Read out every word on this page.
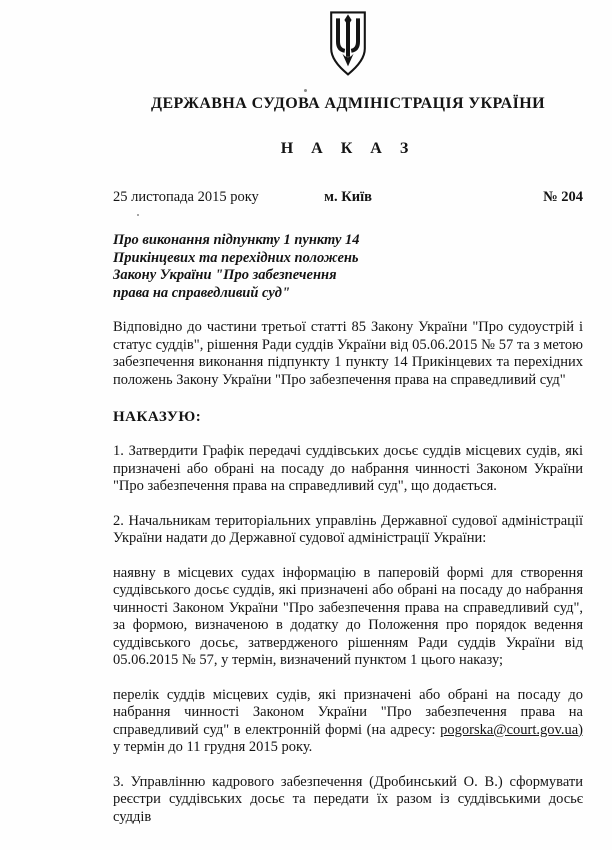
ДЕРЖАВНА СУДОВА АДМІНІСТРАЦІЯ УКРАЇНИ
Н А К А З
25 листопада 2015 року	м. Київ	№ 204
Про виконання підпункту 1 пункту 14
Прикінцевих та перехідних положень
Закону України "Про забезпечення
права на справедливий суд"
Відповідно до частини третьої статті 85 Закону України "Про судоустрій і статус суддів", рішення Ради суддів України від 05.06.2015 № 57 та з метою забезпечення виконання підпункту 1 пункту 14 Прикінцевих та перехідних положень Закону України "Про забезпечення права на справедливий суд"
НАКАЗУЮ:
1. Затвердити Графік передачі суддівських досьє суддів місцевих судів, які призначені або обрані на посаду до набрання чинності Законом України "Про забезпечення права на справедливий суд", що додається.
2. Начальникам територіальних управлінь Державної судової адміністрації України надати до Державної судової адміністрації України:
наявну в місцевих судах інформацію в паперовій формі для створення суддівського досьє суддів, які призначені або обрані на посаду до набрання чинності Законом України "Про забезпечення права на справедливий суд", за формою, визначеною в додатку до Положення про порядок ведення суддівського досьє, затвердженого рішенням Ради суддів України від 05.06.2015 № 57, у термін, визначений пунктом 1 цього наказу;
перелік суддів місцевих судів, які призначені або обрані на посаду до набрання чинності Законом України "Про забезпечення права на справедливий суд" в електронній формі (на адресу: pogorska@court.gov.ua) у термін до 11 грудня 2015 року.
3. Управлінню кадрового забезпечення (Дробинський О. В.) сформувати реєстри суддівських досьє та передати їх разом із суддівськими досьє суддів
